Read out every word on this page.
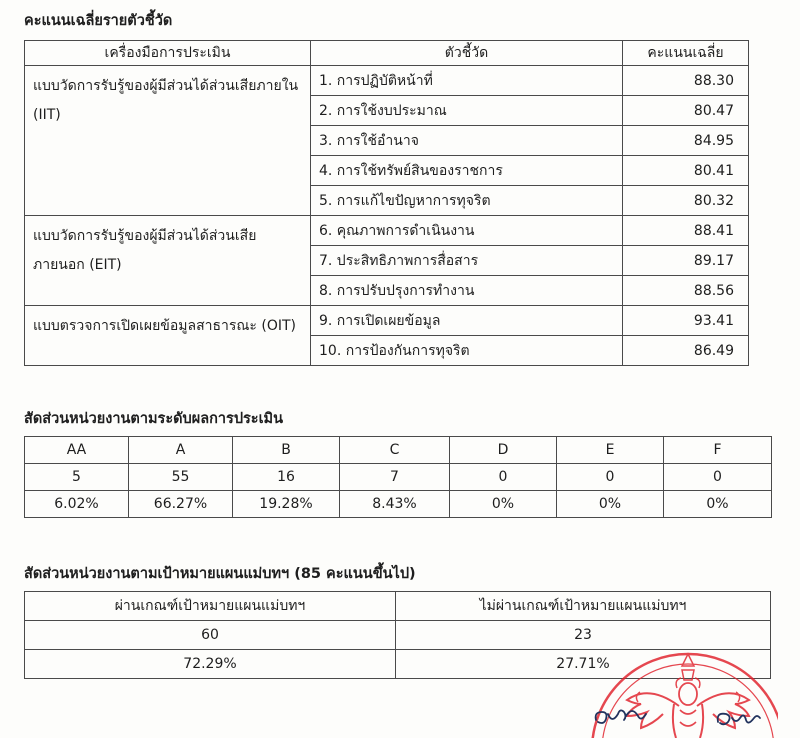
คะแนนเฉลี่ยรายตัวชี้วัด
เครื่องมือการประเมิน	ตัวชี้วัด	คะแนนเฉลี่ย
แบบวัดการรับรู้ของผู้มีส่วนได้ส่วนเสียภายใน (IIT)	1. การปฏิบัติหน้าที่	88.30
	2. การใช้งบประมาณ	80.47
	3. การใช้อำนาจ	84.95
	4. การใช้ทรัพย์สินของราชการ	80.41
	5. การแก้ไขปัญหาการทุจริต	80.32
แบบวัดการรับรู้ของผู้มีส่วนได้ส่วนเสียภายนอก (EIT)	6. คุณภาพการดำเนินงาน	88.41
	7. ประสิทธิภาพการสื่อสาร	89.17
	8. การปรับปรุงการทำงาน	88.56
แบบตรวจการเปิดเผยข้อมูลสาธารณะ (OIT)	9. การเปิดเผยข้อมูล	93.41
	10. การป้องกันการทุจริต	86.49
สัดส่วนหน่วยงานตามระดับผลการประเมิน
AA	A	B	C	D	E	F
5	55	16	7	0	0	0
6.02%	66.27%	19.28%	8.43%	0%	0%	0%
สัดส่วนหน่วยงานตามเป้าหมายแผนแม่บทฯ (85 คะแนนขึ้นไป)
ผ่านเกณฑ์เป้าหมายแผนแม่บทฯ	ไม่ผ่านเกณฑ์เป้าหมายแผนแม่บทฯ
60	23
72.29%	27.71%
